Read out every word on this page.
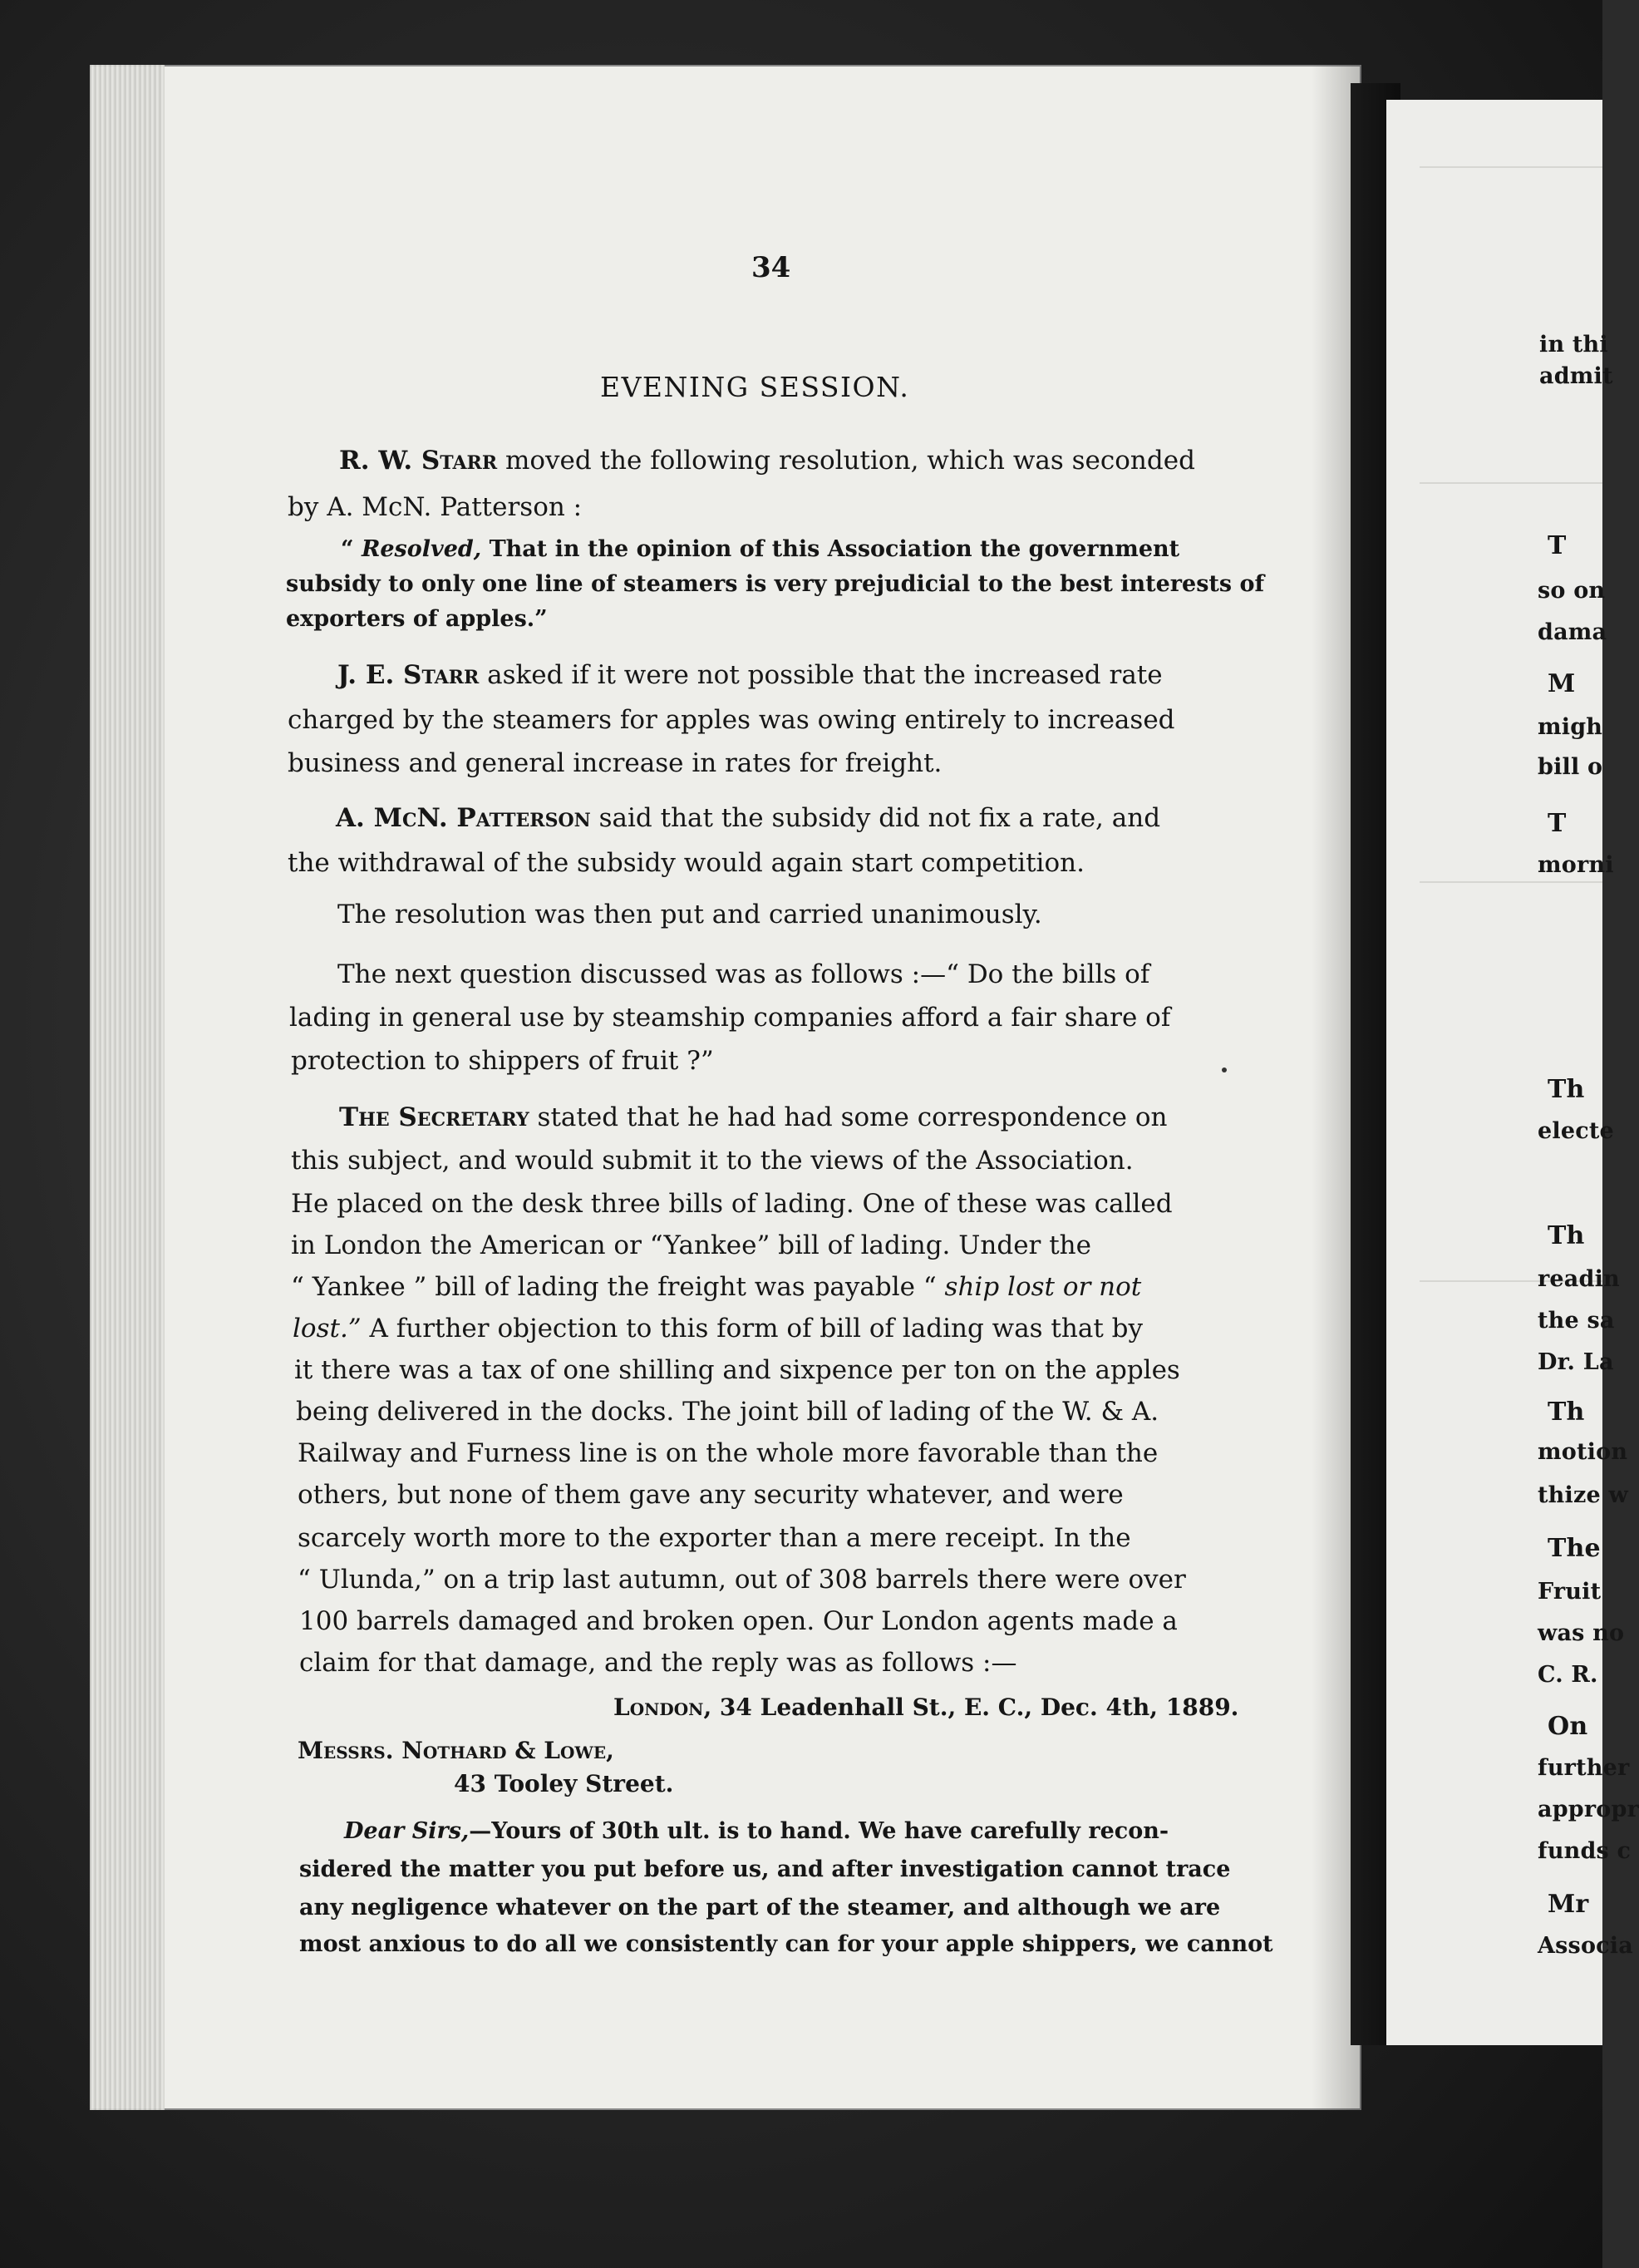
in thi
admit
T
so on
dama
M
migh
bill o
T
morni
Th
electe
Th
readin
the sa
Dr. La
Th
motion
thize w
The
Fruit
was no
C. R.
On
further
appropr
funds c
Mr
Associa
34
EVENING SESSION.
R. W. Starr moved the following resolution, which was seconded
by A. McN. Patterson :
“ Resolved, That in the opinion of this Association the government
subsidy to only one line of steamers is very prejudicial to the best interests of
exporters of apples.”
J. E. Starr asked if it were not possible that the increased rate
charged by the steamers for apples was owing entirely to increased
business and general increase in rates for freight.
A. McN. Patterson said that the subsidy did not fix a rate, and
the withdrawal of the subsidy would again start competition.
The resolution was then put and carried unanimously.
The next question discussed was as follows :—“ Do the bills of
lading in general use by steamship companies afford a fair share of
protection to shippers of fruit ?”
The Secretary stated that he had had some correspondence on
this subject, and would submit it to the views of the Association.
He placed on the desk three bills of lading. One of these was called
in London the American or “Yankee” bill of lading. Under the
“ Yankee ” bill of lading the freight was payable “ ship lost or not
lost.” A further objection to this form of bill of lading was that by
it there was a tax of one shilling and sixpence per ton on the apples
being delivered in the docks. The joint bill of lading of the W. & A.
Railway and Furness line is on the whole more favorable than the
others, but none of them gave any security whatever, and were
scarcely worth more to the exporter than a mere receipt. In the
“ Ulunda,” on a trip last autumn, out of 308 barrels there were over
100 barrels damaged and broken open. Our London agents made a
claim for that damage, and the reply was as follows :—
London, 34 Leadenhall St., E. C., Dec. 4th, 1889.
Messrs. Nothard & Lowe,
43 Tooley Street.
Dear Sirs,—Yours of 30th ult. is to hand. We have carefully recon-
sidered the matter you put before us, and after investigation cannot trace
any negligence whatever on the part of the steamer, and although we are
most anxious to do all we consistently can for your apple shippers, we cannot
